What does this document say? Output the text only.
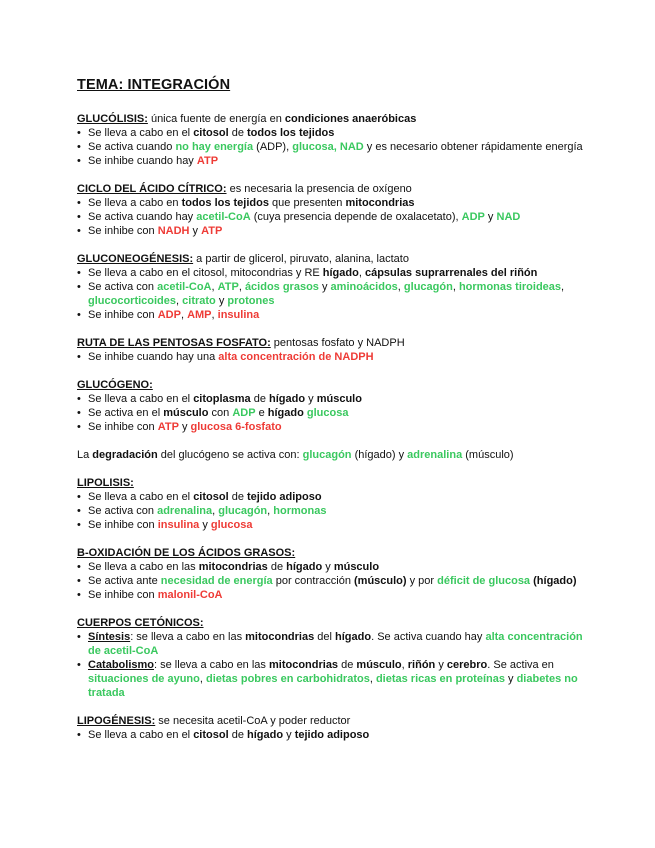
TEMA: INTEGRACIÓN

GLUCÓLISIS: única fuente de energía en condiciones anaeróbicas

• Se lleva a cabo en el citosol de todos los tejidos
• Se activa cuando no hay energía (ADP), glucosa, NAD y es necesario obtener rápidamente energía
• Se inhibe cuando hay ATP

CICLO DEL ÁCIDO CÍTRICO: es necesaria la presencia de oxígeno

• Se lleva a cabo en todos los tejidos que presenten mitocondrias
• Se activa cuando hay acetil-CoA (cuya presencia depende de oxalacetato), ADP y NAD
• Se inhibe con NADH y ATP

GLUCONEOGÉNESIS: a partir de glicerol, piruvato, alanina, lactato

• Se lleva a cabo en el citosol, mitocondrias y RE hígado, cápsulas suprarrenales del riñón
• Se activa con acetil-CoA, ATP, ácidos grasos y aminoácidos, glucagón, hormonas tiroideas, glucocorticoides, citrato y protones
• Se inhibe con ADP, AMP, insulina

RUTA DE LAS PENTOSAS FOSFATO: pentosas fosfato y NADPH

• Se inhibe cuando hay una alta concentración de NADPH

GLUCÓGENO:

• Se lleva a cabo en el citoplasma de hígado y músculo
• Se activa en el músculo con ADP e hígado glucosa
• Se inhibe con ATP y glucosa 6-fosfato

La degradación del glucógeno se activa con: glucagón (hígado) y adrenalina (músculo)

LIPOLISIS:

• Se lleva a cabo en el citosol de tejido adiposo
• Se activa con adrenalina, glucagón, hormonas
• Se inhibe con insulina y glucosa

B-OXIDACIÓN DE LOS ÁCIDOS GRASOS:

• Se lleva a cabo en las mitocondrias de hígado y músculo
• Se activa ante necesidad de energía por contracción (músculo) y por déficit de glucosa (hígado)
• Se inhibe con malonil-CoA

CUERPOS CETÓNICOS:

• Síntesis: se lleva a cabo en las mitocondrias del hígado. Se activa cuando hay alta concentración de acetil-CoA
• Catabolismo: se lleva a cabo en las mitocondrias de músculo, riñón y cerebro. Se activa en situaciones de ayuno, dietas pobres en carbohidratos, dietas ricas en proteínas y diabetes no tratada

LIPOGÉNESIS: se necesita acetil-CoA y poder reductor

• Se lleva a cabo en el citosol de hígado y tejido adiposo
